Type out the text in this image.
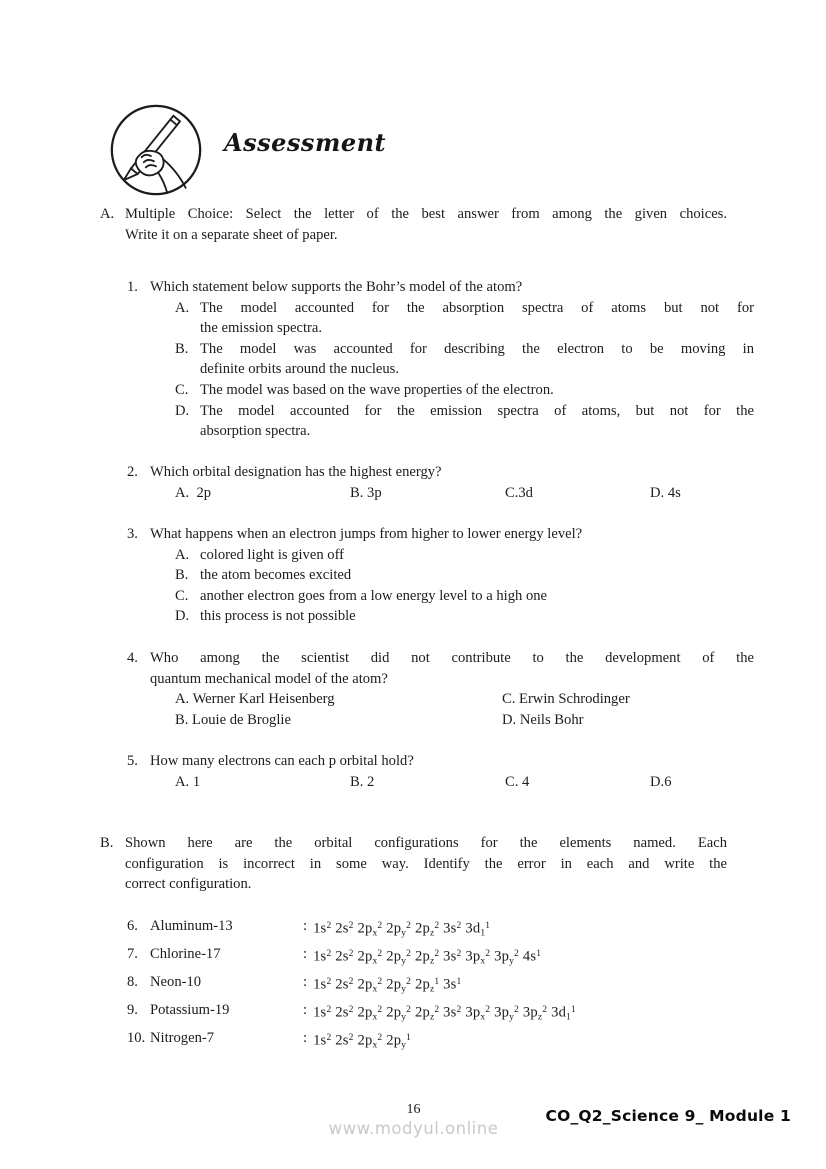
Assessment
A. Multiple Choice: Select the letter of the best answer from among the given choices.
Write it on a separate sheet of paper.
1. Which statement below supports the Bohr’s model of the atom?
A. The model accounted for the absorption spectra of atoms but not for
the emission spectra.
B. The model was accounted for describing the electron to be moving in
definite orbits around the nucleus.
C. The model was based on the wave properties of the electron.
D. The model accounted for the emission spectra of atoms, but not for the
absorption spectra.
2. Which orbital designation has the highest energy?
A.  2p	B. 3p	C.3d	D. 4s
3. What happens when an electron jumps from higher to lower energy level?
A. colored light is given off
B. the atom becomes excited
C. another electron goes from a low energy level to a high one
D. this process is not possible
4. Who among the scientist did not contribute to the development of the
quantum mechanical model of the atom?
A. Werner Karl Heisenberg	C. Erwin Schrodinger
B. Louie de Broglie	D. Neils Bohr
5. How many electrons can each p orbital hold?
A. 1	B. 2	C. 4	D.6
B. Shown here are the orbital configurations for the elements named. Each
configuration is incorrect in some way. Identify the error in each and write the
correct configuration.
6. Aluminum-13	: $1s^2$ $2s^2$ $2p_x^2$ $2p_y^2$ $2p_z^2$ $3s^2$ $3d_1^1$
7. Chlorine-17	: $1s^2$ $2s^2$ $2p_x^2$ $2p_y^2$ $2p_z^2$ $3s^2$ $3p_x^2$ $3p_y^2$ $4s^1$
8. Neon-10	: $1s^2$ $2s^2$ $2p_x^2$ $2p_y^2$ $2p_z^1$ $3s^1$
9. Potassium-19	: $1s^2$ $2s^2$ $2p_x^2$ $2p_y^2$ $2p_z^2$ $3s^2$ $3p_x^2$ $3p_y^2$ $3p_z^2$ $3d_1^1$
10. Nitrogen-7	: $1s^2$ $2s^2$ $2p_x^2$ $2p_y^1$
16
www.modyul.online
CO_Q2_Science 9_ Module 1
